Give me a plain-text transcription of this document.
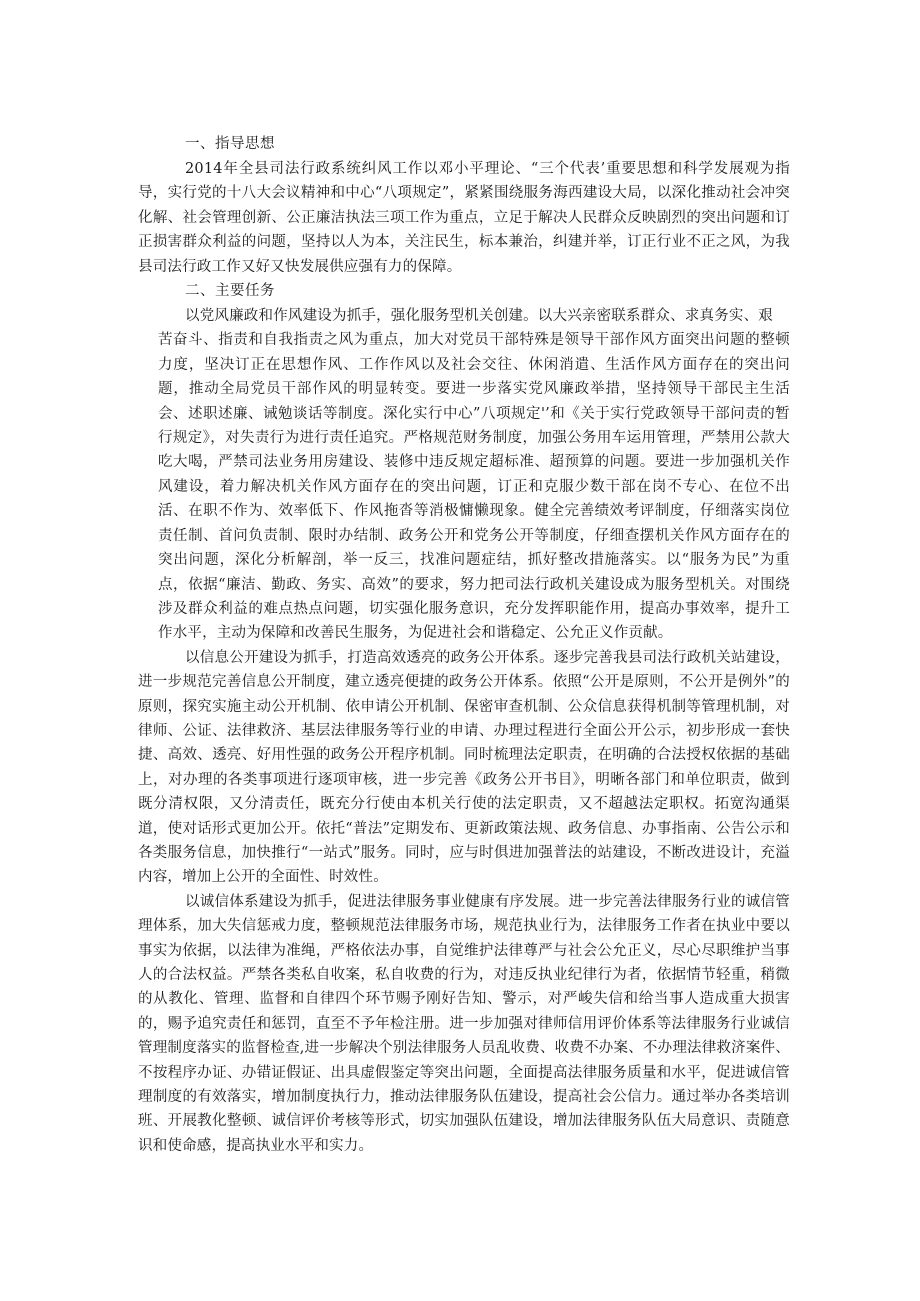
一、指导思想

2014年全县司法行政系统纠风工作以邓小平理论、“三个代表’重要思想和科学发展观为指导，实行党的十八大会议精神和中心“八项规定”，紧紧围绕服务海西建设大局，以深化推动社会冲突化解、社会管理创新、公正廉洁执法三项工作为重点，立足于解决人民群众反映剧烈的突出问题和订正损害群众利益的问题，坚持以人为本，关注民生，标本兼治，纠建并举，订正行业不正之风，为我县司法行政工作又好又快发展供应强有力的保障。

二、主要任务

以党风廉政和作风建设为抓手，强化服务型机关创建。以大兴亲密联系群众、求真务实、艰

苦奋斗、指责和自我指责之风为重点，加大对党员干部特殊是领导干部作风方面突出问题的整顿力度，坚决订正在思想作风、工作作风以及社会交往、休闲消遣、生活作风方面存在的突出问题，推动全局党员干部作风的明显转变。要进一步落实党风廉政举措，坚持领导干部民主生活会、述职述廉、诫勉谈话等制度。深化实行中心”八项规定'’和《关于实行党政领导干部问责的暂行规定》，对失责行为进行责任追究。严格规范财务制度，加强公务用车运用管理，严禁用公款大吃大喝，严禁司法业务用房建设、装修中违反规定超标准、超预算的问题。要进一步加强机关作风建设，着力解决机关作风方面存在的突出问题，订正和克服少数干部在岗不专心、在位不出活、在职不作为、效率低下、作风拖沓等消极慵懒现象。健全完善绩效考评制度，仔细落实岗位责任制、首问负责制、限时办结制、政务公开和党务公开等制度，仔细查摆机关作风方面存在的突出问题，深化分析解剖，举一反三，找准问题症结，抓好整改措施落实。以“服务为民”为重点，依据“廉洁、勤政、务实、高效”的要求，努力把司法行政机关建设成为服务型机关。对围绕涉及群众利益的难点热点问题，切实强化服务意识，充分发挥职能作用，提高办事效率，提升工作水平，主动为保障和改善民生服务，为促进社会和谐稳定、公允正义作贡献。

以信息公开建设为抓手，打造高效透亮的政务公开体系。逐步完善我县司法行政机关站建设，进一步规范完善信息公开制度，建立透亮便捷的政务公开体系。依照“公开是原则，不公开是例外”的原则，探究实施主动公开机制、依申请公开机制、保密审查机制、公众信息获得机制等管理机制，对律师、公证、法律救济、基层法律服务等行业的申请、办理过程进行全面公开公示，初步形成一套快捷、高效、透亮、好用性强的政务公开程序机制。同时梳理法定职责，在明确的合法授权依据的基础上，对办理的各类事项进行逐项审核，进一步完善《政务公开书目》，明晰各部门和单位职责，做到既分清权限，又分清责任，既充分行使由本机关行使的法定职责，又不超越法定职权。拓宽沟通渠道，使对话形式更加公开。依托“普法”定期发布、更新政策法规、政务信息、办事指南、公告公示和各类服务信息，加快推行“一站式”服务。同时，应与时俱进加强普法的站建设，不断改进设计，充溢内容，增加上公开的全面性、时效性。

以诚信体系建设为抓手，促进法律服务事业健康有序发展。进一步完善法律服务行业的诚信管理体系，加大失信惩戒力度，整顿规范法律服务市场，规范执业行为，法律服务工作者在执业中要以事实为依据，以法律为准绳，严格依法办事，自觉维护法律尊严与社会公允正义，尽心尽职维护当事人的合法权益。严禁各类私自收案，私自收费的行为，对违反执业纪律行为者，依据情节轻重，稍微的从教化、管理、监督和自律四个环节赐予刚好告知、警示，对严峻失信和给当事人造成重大损害的，赐予追究责任和惩罚，直至不予年检注册。进一步加强对律师信用评价体系等法律服务行业诚信管理制度落实的监督检查,进一步解决个别法律服务人员乱收费、收费不办案、不办理法律救济案件、不按程序办证、办错证假证、出具虚假鉴定等突出问题，全面提高法律服务质量和水平，促进诚信管理制度的有效落实，增加制度执行力，推动法律服务队伍建设，提高社会公信力。通过举办各类培训班、开展教化整顿、诚信评价考核等形式，切实加强队伍建设，增加法律服务队伍大局意识、责随意识和使命感，提高执业水平和实力。
